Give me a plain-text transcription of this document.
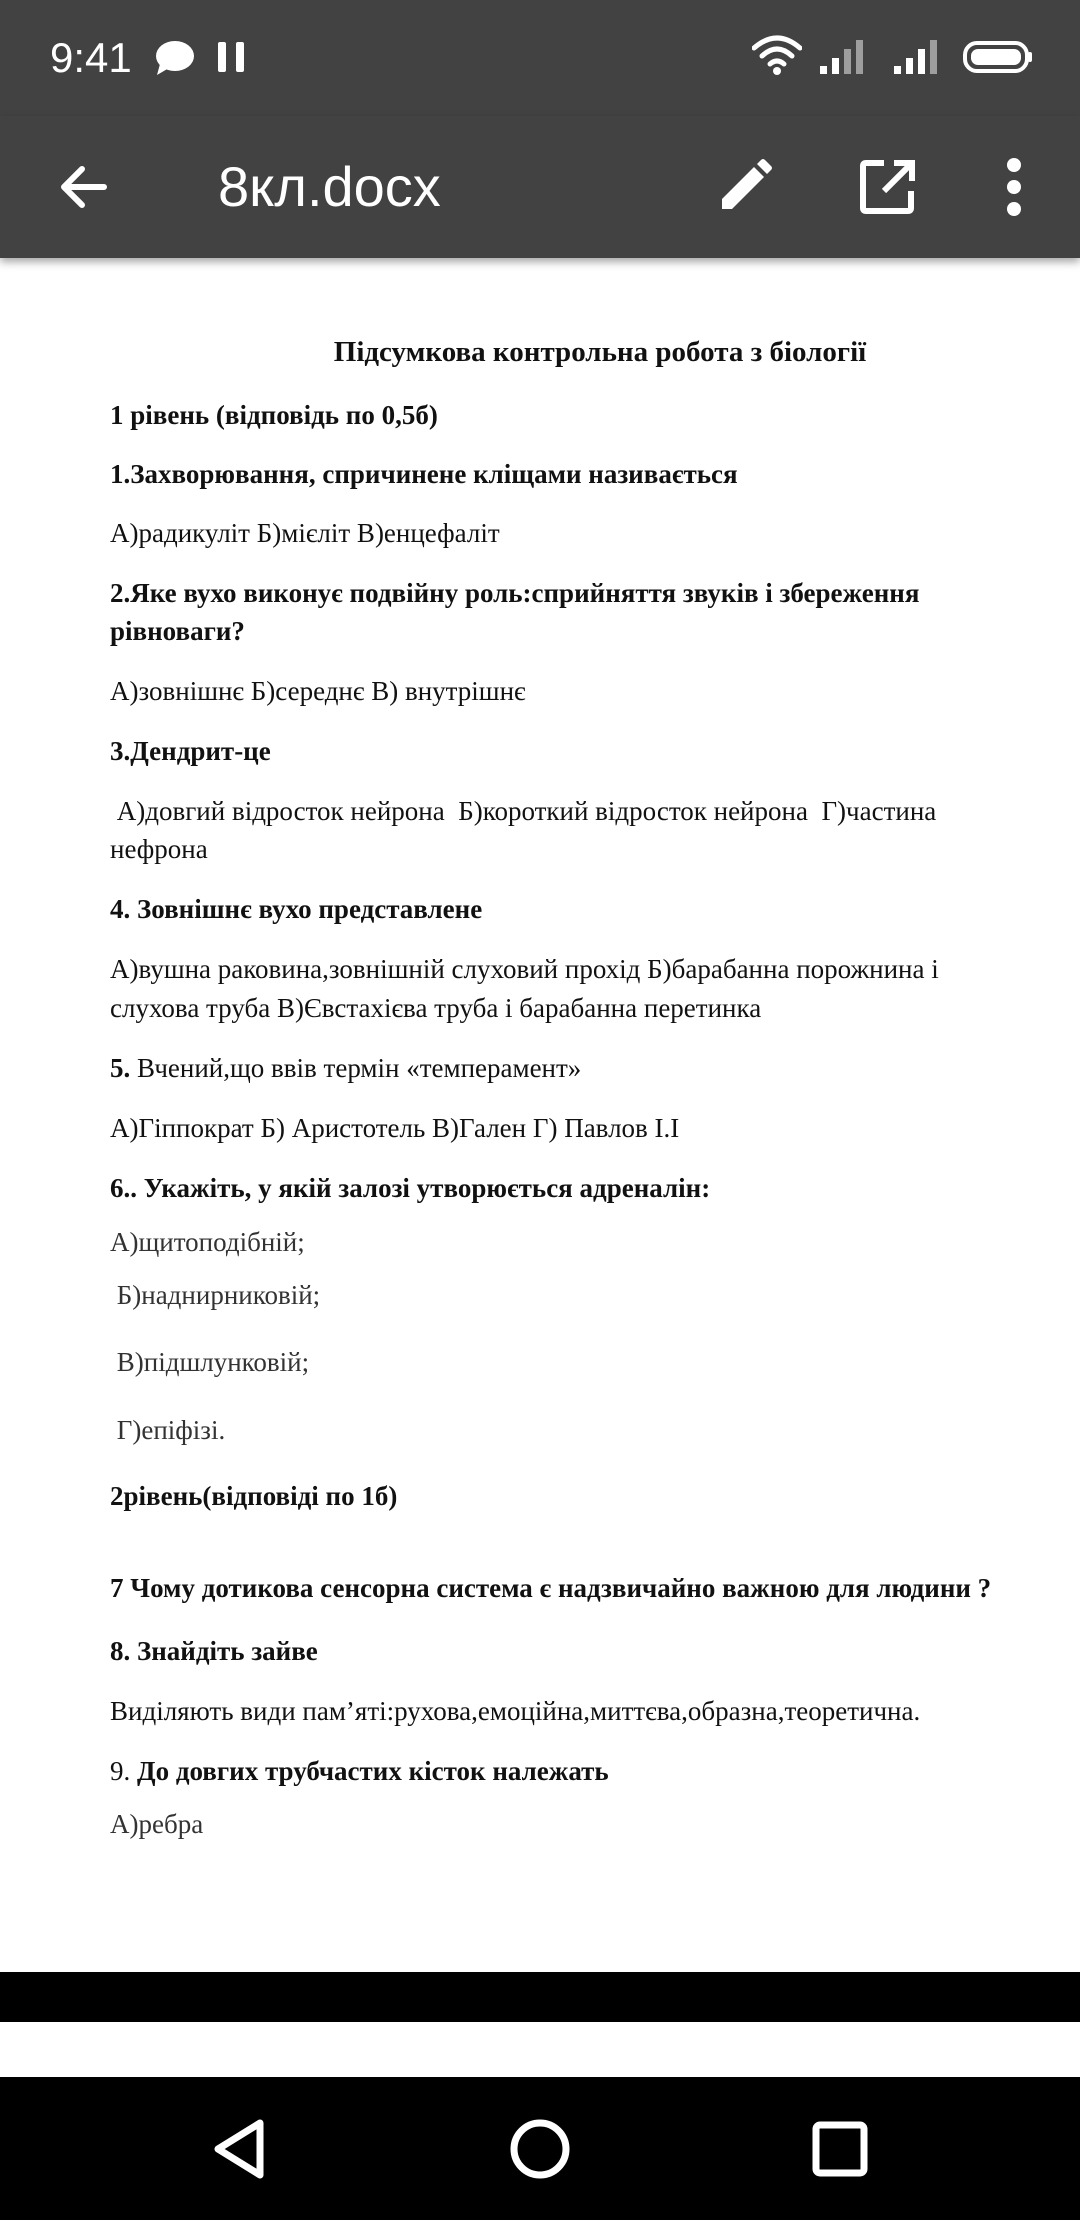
9:41
8кл.docx

Підсумкова контрольна робота з біології

1 рівень (відповідь по 0,5б)

1.Захворювання, спричинене кліщами називається

А)радикуліт Б)мієліт В)енцефаліт

2.Яке вухо виконує подвійну роль:сприйняття звуків і збереження

рівноваги?

А)зовнішнє Б)середнє В) внутрішнє

3.Дендрит-це

А)довгий відросток нейрона  Б)короткий відросток нейрона  Г)частина

нефрона

4. Зовнішнє вухо представлене

А)вушна раковина,зовнішній слуховий прохід Б)барабанна порожнина і

слухова труба В)Євстахієва труба і барабанна перетинка

5. Вчений,що ввів термін «темперамент»

А)Гіппократ Б) Аристотель В)Гален Г) Павлов І.І

6.. Укажіть, у якій залозі утворюється адреналін:

А)щитоподібній;

Б)наднирниковій;

В)підшлунковій;

Г)епіфізі.

2рівень(відповіді по 1б)

7 Чому дотикова сенсорна система є надзвичайно важною для людини ?

8. Знайдіть зайве

Виділяють види пам’яті:рухова,емоційна,миттєва,образна,теоретична.

9. До довгих трубчастих кісток належать

А)ребра
